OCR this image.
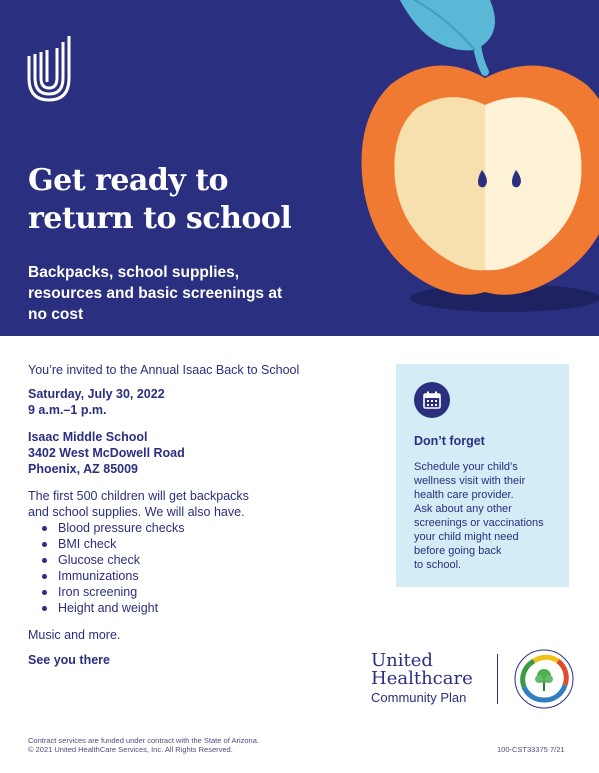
Get ready to
return to school

Backpacks, school supplies,
resources and basic screenings at
no cost

You’re invited to the Annual Isaac Back to School

Saturday, July 30, 2022
9 a.m.–1 p.m.
Isaac Middle School
3402 West McDowell Road
Phoenix, AZ 85009
The first 500 children will get backpacks
and school supplies. We will also have.
Blood pressure checks
BMI check
Glucose check
Immunizations
Iron screening
Height and weight

Music and more.

See you there

Don’t forget
Schedule your child’s
wellness visit with their
health care provider.
Ask about any other
screenings or vaccinations
your child might need
before going back
to school.
United
Healthcare
Community Plan
Contract services are funded under contract with the State of Arizona.
© 2021 United HealthCare Services, Inc. All Rights Reserved.	100-CST33375 7/21
